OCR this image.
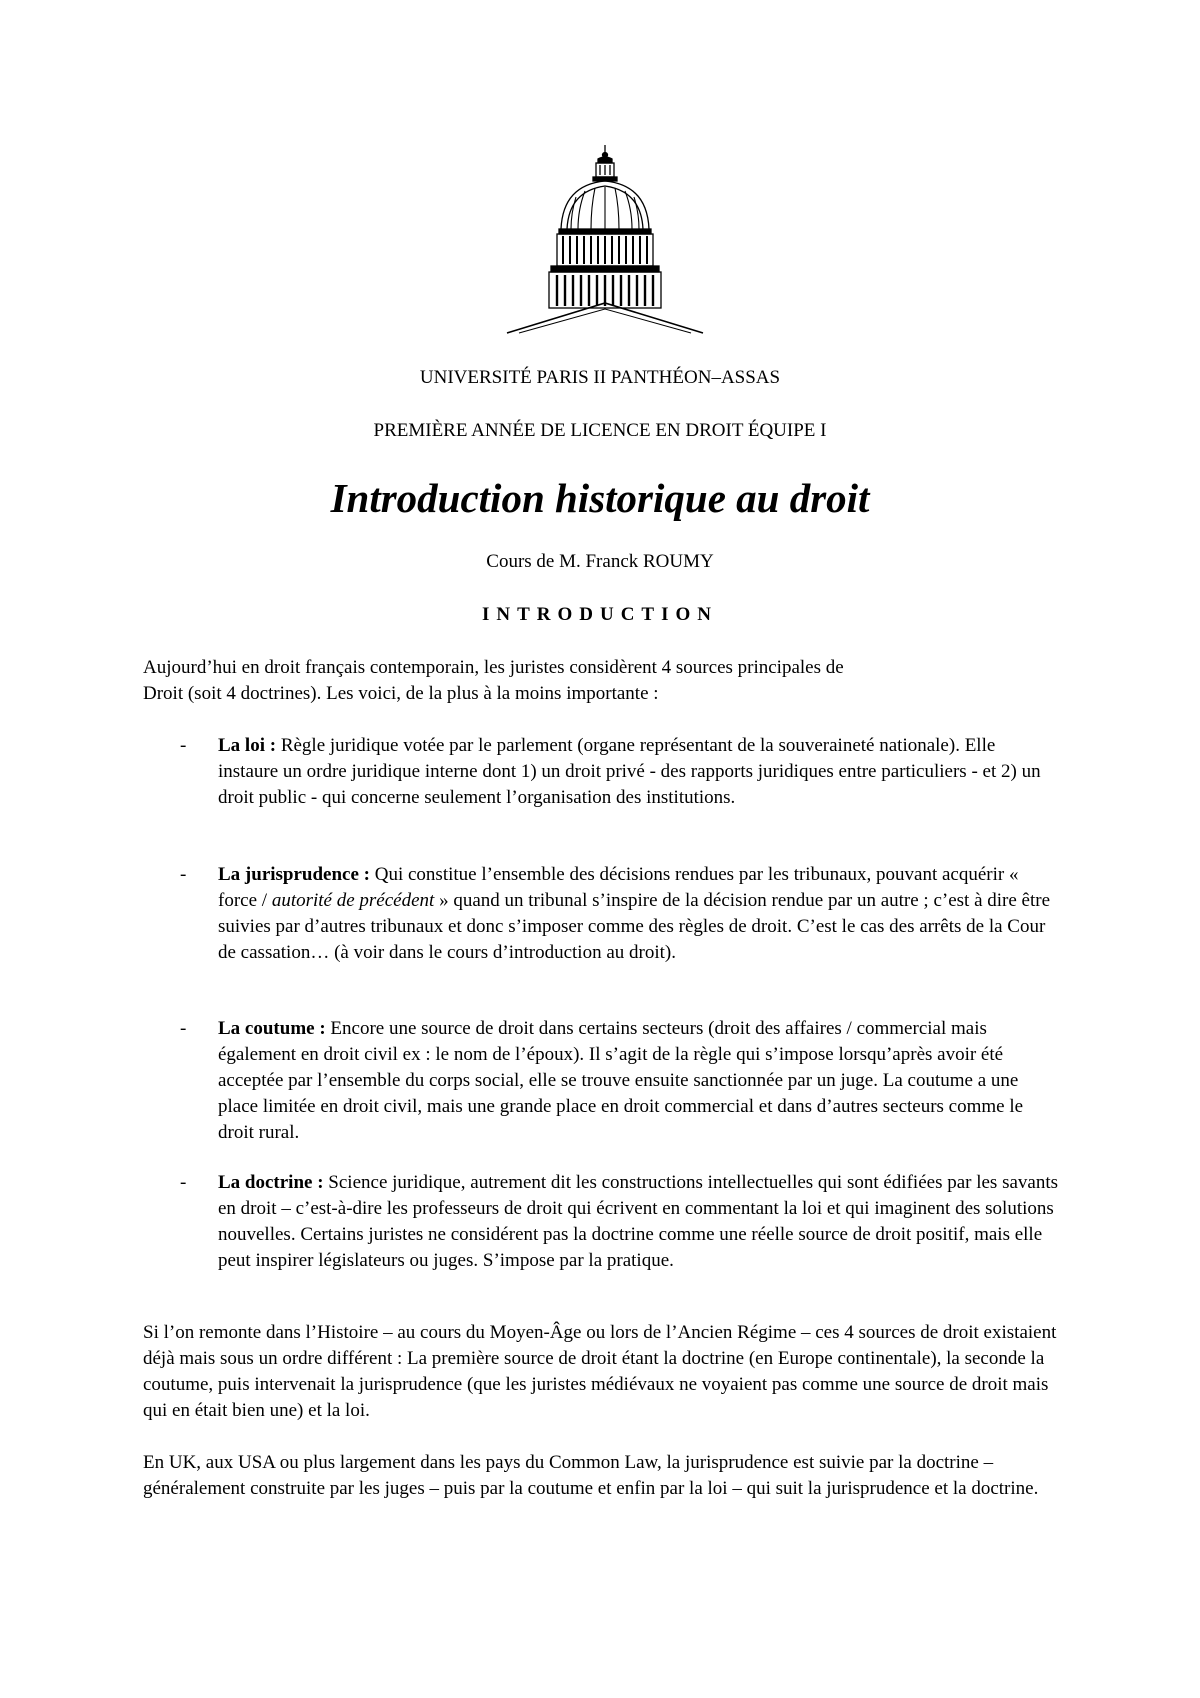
UNIVERSITÉ PARIS II PANTHÉON–ASSAS
PREMIÈRE ANNÉE DE LICENCE EN DROIT ÉQUIPE I
Introduction historique au droit
Cours de M. Franck ROUMY
INTRODUCTION
Aujourd’hui en droit français contemporain, les juristes considèrent 4 sources principales de
Droit (soit 4 doctrines). Les voici, de la plus à la moins importante :
- La loi : Règle juridique votée par le parlement (organe représentant de la souveraineté nationale). Elle instaure un ordre juridique interne dont 1) un droit privé - des rapports juridiques entre particuliers - et 2) un droit public - qui concerne seulement l’organisation des institutions.
- La jurisprudence : Qui constitue l’ensemble des décisions rendues par les tribunaux, pouvant acquérir « force / autorité de précédent » quand un tribunal s’inspire de la décision rendue par un autre ; c’est à dire être suivies par d’autres tribunaux et donc s’imposer comme des règles de droit. C’est le cas des arrêts de la Cour de cassation… (à voir dans le cours d’introduction au droit).
- La coutume : Encore une source de droit dans certains secteurs (droit des affaires / commercial mais également en droit civil ex : le nom de l’époux). Il s’agit de la règle qui s’impose lorsqu’après avoir été acceptée par l’ensemble du corps social, elle se trouve ensuite sanctionnée par un juge. La coutume a une place limitée en droit civil, mais une grande place en droit commercial et dans d’autres secteurs comme le droit rural.
- La doctrine : Science juridique, autrement dit les constructions intellectuelles qui sont édifiées par les savants en droit – c’est-à-dire les professeurs de droit qui écrivent en commentant la loi et qui imaginent des solutions nouvelles. Certains juristes ne considérent pas la doctrine comme une réelle source de droit positif, mais elle peut inspirer législateurs ou juges. S’impose par la pratique.
Si l’on remonte dans l’Histoire – au cours du Moyen-Âge ou lors de l’Ancien Régime – ces 4 sources de droit existaient déjà mais sous un ordre différent : La première source de droit étant la doctrine (en Europe continentale), la seconde la coutume, puis intervenait la jurisprudence (que les juristes médiévaux ne voyaient pas comme une source de droit mais qui en était bien une) et la loi.
En UK, aux USA ou plus largement dans les pays du Common Law, la jurisprudence est suivie par la doctrine – généralement construite par les juges – puis par la coutume et enfin par la loi – qui suit la jurisprudence et la doctrine.
